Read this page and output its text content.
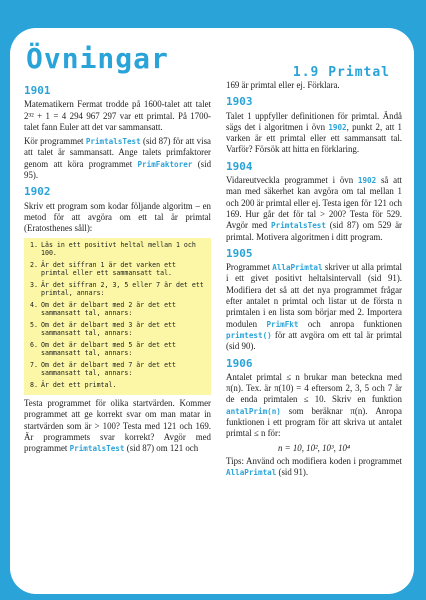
Övningar	1.9 Primtal
1901

Matematikern Fermat trodde på 1600-talet att talet 2³² + 1 = 4 294 967 297 var ett primtal. På 1700-talet fann Euler att det var sammansatt.

Kör programmet PrimtalsTest (sid 87) för att visa att talet är sammansatt. Ange talets primfaktorer genom att köra programmet PrimFaktorer (sid 95).

1902

Skriv ett program som kodar följande algoritm – en metod för att avgöra om ett tal är primtal (Eratosthenes såll):

1. Läs in ett positivt heltal mellan 1 och 100.
2. Är det siffran 1 är det varken ett primtal eller ett sammansatt tal.
3. Är det siffran 2, 3, 5 eller 7 är det ett primtal, annars:
4. Om det är delbart med 2 är det ett sammansatt tal, annars:
5. Om det är delbart med 3 är det ett sammansatt tal, annars:
6. Om det är delbart med 5 är det ett sammansatt tal, annars:
7. Om det är delbart med 7 är det ett sammansatt tal, annars:
8. Är det ett primtal.

Testa programmet för olika startvärden. Kommer programmet att ge korrekt svar om man matar in startvärden som är > 100? Testa med 121 och 169. Är programmets svar korrekt? Avgör med programmet PrimtalsTest (sid 87) om 121 och

169 är primtal eller ej. Förklara.

1903

Talet 1 uppfyller definitionen för primtal. Ändå sägs det i algoritmen i övn 1902, punkt 2, att 1 varken är ett primtal eller ett sammansatt tal. Varför? Försök att hitta en förklaring.

1904

Vidareutveckla programmet i övn 1902 så att man med säkerhet kan avgöra om tal mellan 1 och 200 är primtal eller ej. Testa igen för 121 och 169. Hur går det för tal > 200? Testa för 529. Avgör med PrimtalsTest (sid 87) om 529 är primtal. Motivera algoritmen i ditt program.

1905

Programmet AllaPrimtal skriver ut alla primtal i ett givet positivt heltalsintervall (sid 91). Modifiera det så att det nya programmet frågar efter antalet n primtal och listar ut de första n primtalen i en lista som börjar med 2. Importera modulen PrimFkt och anropa funktionen primtest() för att avgöra om ett tal är primtal (sid 90).

1906

Antalet primtal ≤ n brukar man beteckna med π(n). Tex. är π(10) = 4 eftersom 2, 3, 5 och 7 är de enda primtalen ≤ 10. Skriv en funktion antalPrim(n) som beräknar π(n). Anropa funktionen i ett program för att skriva ut antalet primtal ≤ n för:

n = 10, 10², 10³, 10⁴

Tips: Använd och modifiera koden i programmet AllaPrimtal (sid 91).
